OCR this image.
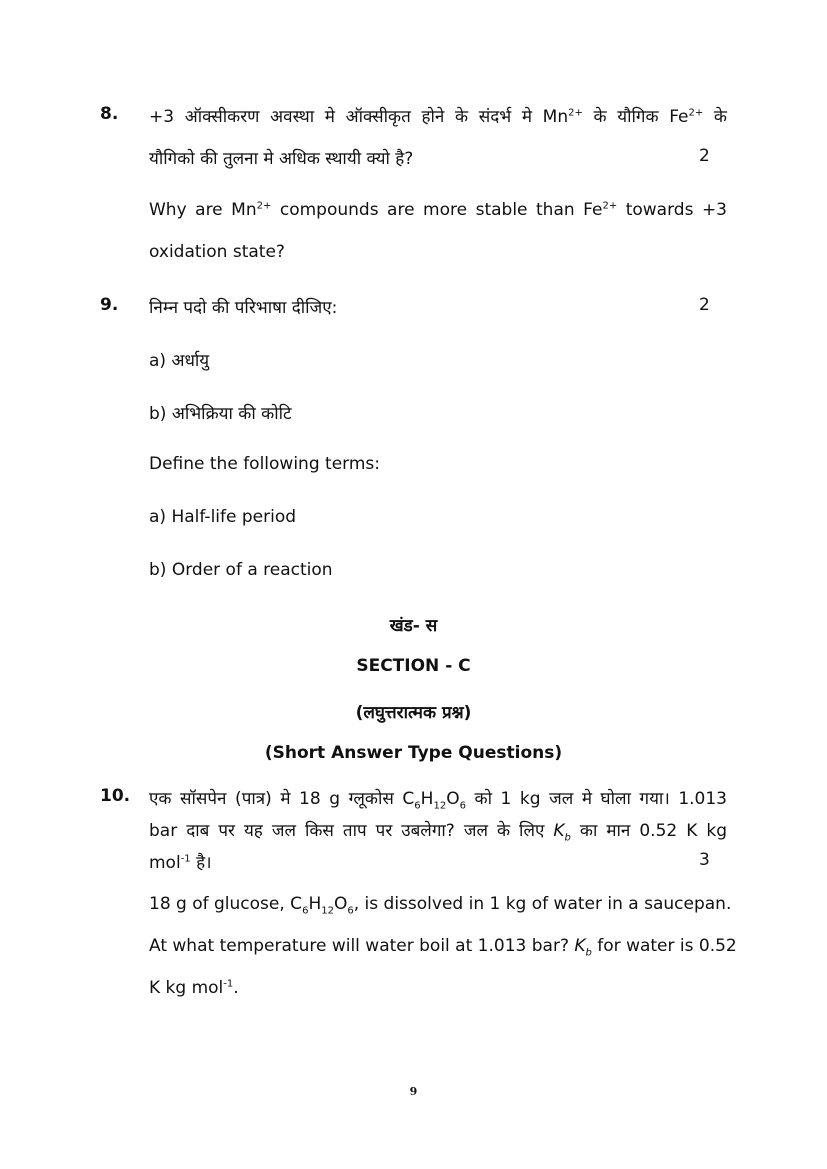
8. +3 ऑक्सीकरण अवस्था मे ऑक्सीकृत होने के संदर्भ मे $Mn^{2+}$ के यौगिक $Fe^{2+}$ के
यौगिको की तुलना मे अधिक स्थायी क्यो है?	2
Why are $Mn^{2+}$ compounds are more stable than $Fe^{2+}$ towards +3
oxidation state?
9. निम्न पदो की परिभाषा दीजिए:	2
a) अर्धायु
b) अभिक्रिया की कोटि
Define the following terms:
a) Half-life period
b) Order of a reaction
खंड- स
SECTION - C
(लघुत्तरात्मक प्रश्न)
(Short Answer Type Questions)
10. एक सॉसपेन (पात्र) मे 18 g ग्लूकोस $C_6H_{12}O_6$ को 1 kg जल मे घोला गया। 1.013
bar दाब पर यह जल किस ताप पर उबलेगा? जल के लिए $K_b$ का मान 0.52 K kg
mol$^{-1}$ है।	3
18 g of glucose, $C_6H_{12}O_6$, is dissolved in 1 kg of water in a saucepan.
At what temperature will water boil at 1.013 bar? $K_b$ for water is 0.52
K kg mol$^{-1}$.
9
